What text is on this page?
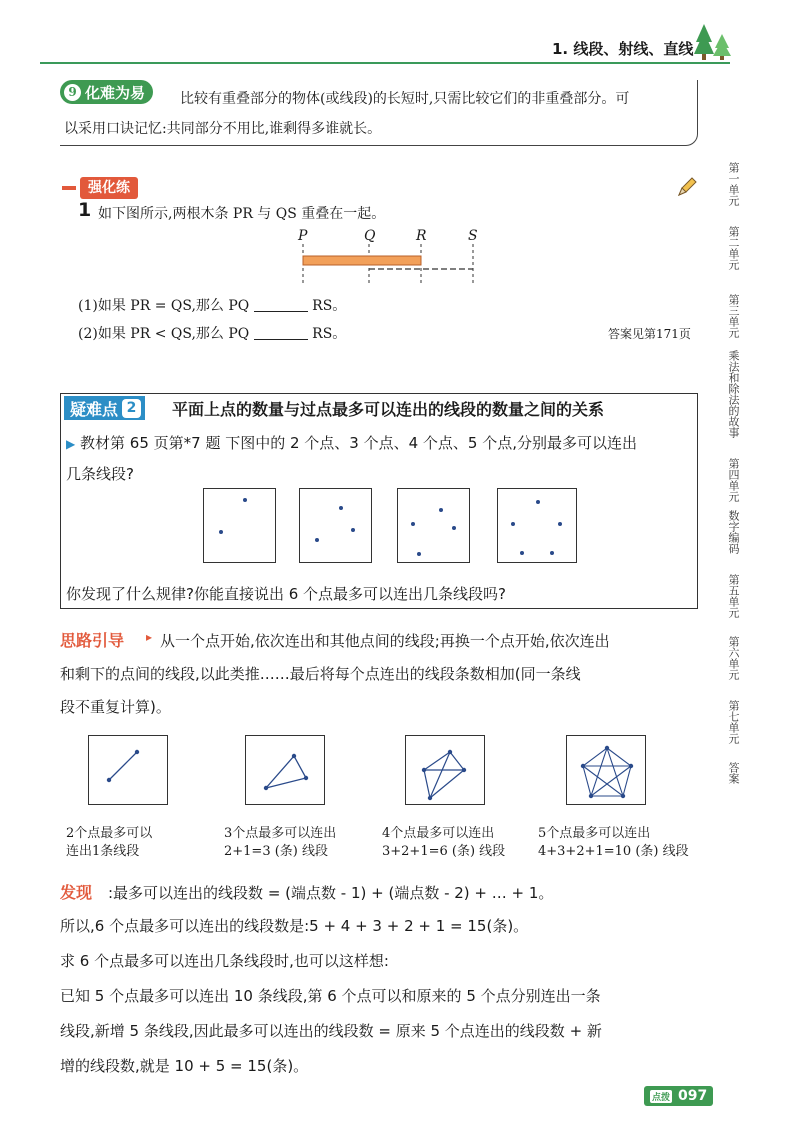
1. 线段、射线、直线
9 化难为易 比较有重叠部分的物体(或线段)的长短时,只需比较它们的非重叠部分。可
以采用口诀记忆:共同部分不用比,谁剩得多谁就长。
强化练
1 如下图所示,两根木条 PR 与 QS 重叠在一起。
P	Q	R	S
(1)如果 PR = QS,那么 PQ	RS。
(2)如果 PR < QS,那么 PQ	RS。	答案见第171页
疑难点 2 平面上点的数量与过点最多可以连出的线段的数量之间的关系
▶ 教材第 65 页第*7 题 下图中的 2 个点、3 个点、4 个点、5 个点,分别最多可以连出
几条线段?
你发现了什么规律?你能直接说出 6 个点最多可以连出几条线段吗?
思路引导 ▸ 从一个点开始,依次连出和其他点间的线段;再换一个点开始,依次连出
和剩下的点间的线段,以此类推……最后将每个点连出的线段条数相加(同一条线
段不重复计算)。
2个点最多可以
连出1条线段
3个点最多可以连出
2+1=3 (条) 线段
4个点最多可以连出
3+2+1=6 (条) 线段
5个点最多可以连出
4+3+2+1=10 (条) 线段
发现 :最多可以连出的线段数 = (端点数 - 1) + (端点数 - 2) + … + 1。
所以,6 个点最多可以连出的线段数是:5 + 4 + 3 + 2 + 1 = 15(条)。
求 6 个点最多可以连出几条线段时,也可以这样想:
已知 5 个点最多可以连出 10 条线段,第 6 个点可以和原来的 5 个点分别连出一条
线段,新增 5 条线段,因此最多可以连出的线段数 = 原来 5 个点连出的线段数 + 新
增的线段数,就是 10 + 5 = 15(条)。
第一单元
第二单元
第三单元
乘法和除法的故事
第四单元
数字编码
第五单元
第六单元
第七单元
答案
点拨 097
